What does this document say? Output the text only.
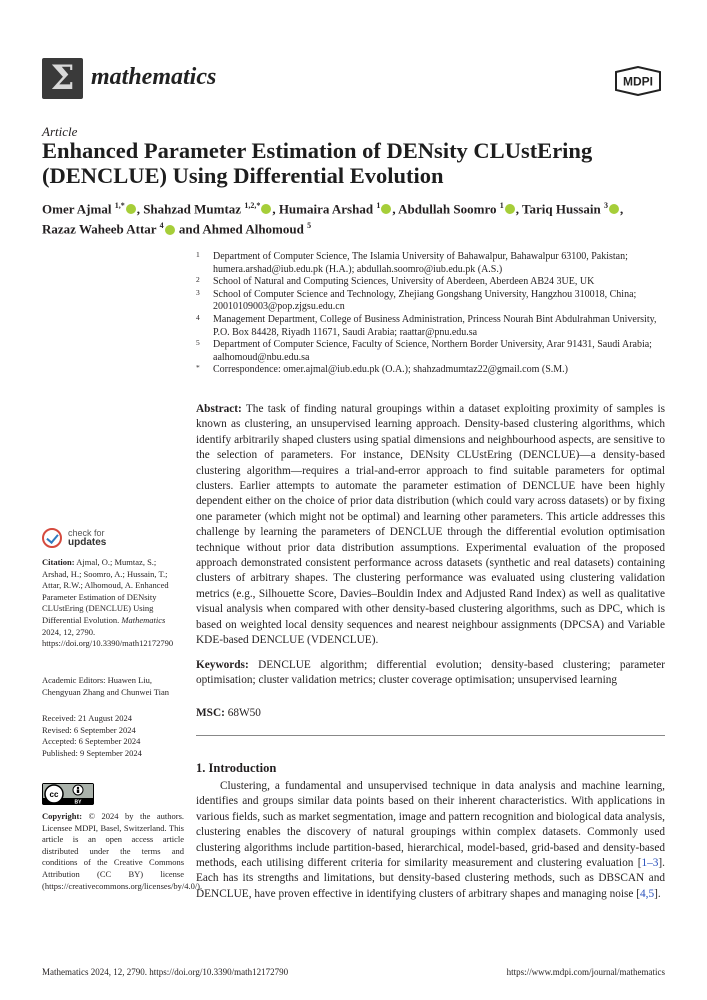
Σ mathematics	MDPI
Article
Enhanced Parameter Estimation of DENsity CLUstEring (DENCLUE) Using Differential Evolution
Omer Ajmal $^{1,*}$ , Shahzad Mumtaz $^{1,2,*}$ , Humaira Arshad $^1$ , Abdullah Soomro $^1$ , Tariq Hussain $^3$ ,
Razaz Waheeb Attar $^4$ and Ahmed Alhomoud $^5$
1 Department of Computer Science, The Islamia University of Bahawalpur, Bahawalpur 63100, Pakistan; humera.arshad@iub.edu.pk (H.A.); abdullah.soomro@iub.edu.pk (A.S.)
2 School of Natural and Computing Sciences, University of Aberdeen, Aberdeen AB24 3UE, UK
3 School of Computer Science and Technology, Zhejiang Gongshang University, Hangzhou 310018, China; 20010109003@pop.zjgsu.edu.cn
4 Management Department, College of Business Administration, Princess Nourah Bint Abdulrahman University, P.O. Box 84428, Riyadh 11671, Saudi Arabia; raattar@pnu.edu.sa
5 Department of Computer Science, Faculty of Science, Northern Border University, Arar 91431, Saudi Arabia; aalhomoud@nbu.edu.sa
* Correspondence: omer.ajmal@iub.edu.pk (O.A.); shahzadmumtaz22@gmail.com (S.M.)
Abstract: The task of finding natural groupings within a dataset exploiting proximity of samples is known as clustering, an unsupervised learning approach. Density-based clustering algorithms, which identify arbitrarily shaped clusters using spatial dimensions and neighbourhood aspects, are sensitive to the selection of parameters. For instance, DENsity CLUstEring (DENCLUE)—a density-based clustering algorithm—requires a trial-and-error approach to find suitable parameters for optimal clusters. Earlier attempts to automate the parameter estimation of DENCLUE have been highly dependent either on the choice of prior data distribution (which could vary across datasets) or by fixing one parameter (which might not be optimal) and learning other parameters. This article addresses this challenge by learning the parameters of DENCLUE through the differential evolution optimisation technique without prior data distribution assumptions. Experimental evaluation of the proposed approach demonstrated consistent performance across datasets (synthetic and real datasets) containing clusters of arbitrary shapes. The clustering performance was evaluated using clustering validation metrics (e.g., Silhouette Score, Davies–Bouldin Index and Adjusted Rand Index) as well as qualitative visual analysis when compared with other density-based clustering algorithms, such as DPC, which is based on weighted local density sequences and nearest neighbour assignments (DPCSA) and Variable KDE-based DENCLUE (VDENCLUE).
Keywords: DENCLUE algorithm; differential evolution; density-based clustering; parameter optimisation; cluster validation metrics; cluster coverage optimisation; unsupervised learning
MSC: 68W50
1. Introduction

Clustering, a fundamental and unsupervised technique in data analysis and machine learning, identifies and groups similar data points based on their inherent characteristics. With applications in various fields, such as market segmentation, image and pattern recognition and biological data analysis, clustering enables the discovery of natural groupings within complex datasets. Commonly used clustering algorithms include partition-based, hierarchical, model-based, grid-based and density-based methods, each utilising different criteria for similarity measurement and clustering evaluation [1–3]. Each has its strengths and limitations, but density-based clustering methods, such as DBSCAN and DENCLUE, have proven effective in identifying clusters of arbitrary shapes and managing noise [4,5].

check for
updates
Citation: Ajmal, O.; Mumtaz, S.; Arshad, H.; Soomro, A.; Hussain, T.; Attar, R.W.; Alhomoud, A. Enhanced Parameter Estimation of DENsity CLUstEring (DENCLUE) Using Differential Evolution. Mathematics 2024, 12, 2790. https://doi.org/10.3390/math12172790
Academic Editors: Huawen Liu, Chengyuan Zhang and Chunwei Tian
Received: 21 August 2024
Revised: 6 September 2024
Accepted: 6 September 2024
Published: 9 September 2024
cc
BY
Copyright: © 2024 by the authors. Licensee MDPI, Basel, Switzerland. This article is an open access article distributed under the terms and conditions of the Creative Commons Attribution (CC BY) license (https://creativecommons.org/licenses/by/4.0/).
Mathematics 2024, 12, 2790. https://doi.org/10.3390/math12172790	https://www.mdpi.com/journal/mathematics
